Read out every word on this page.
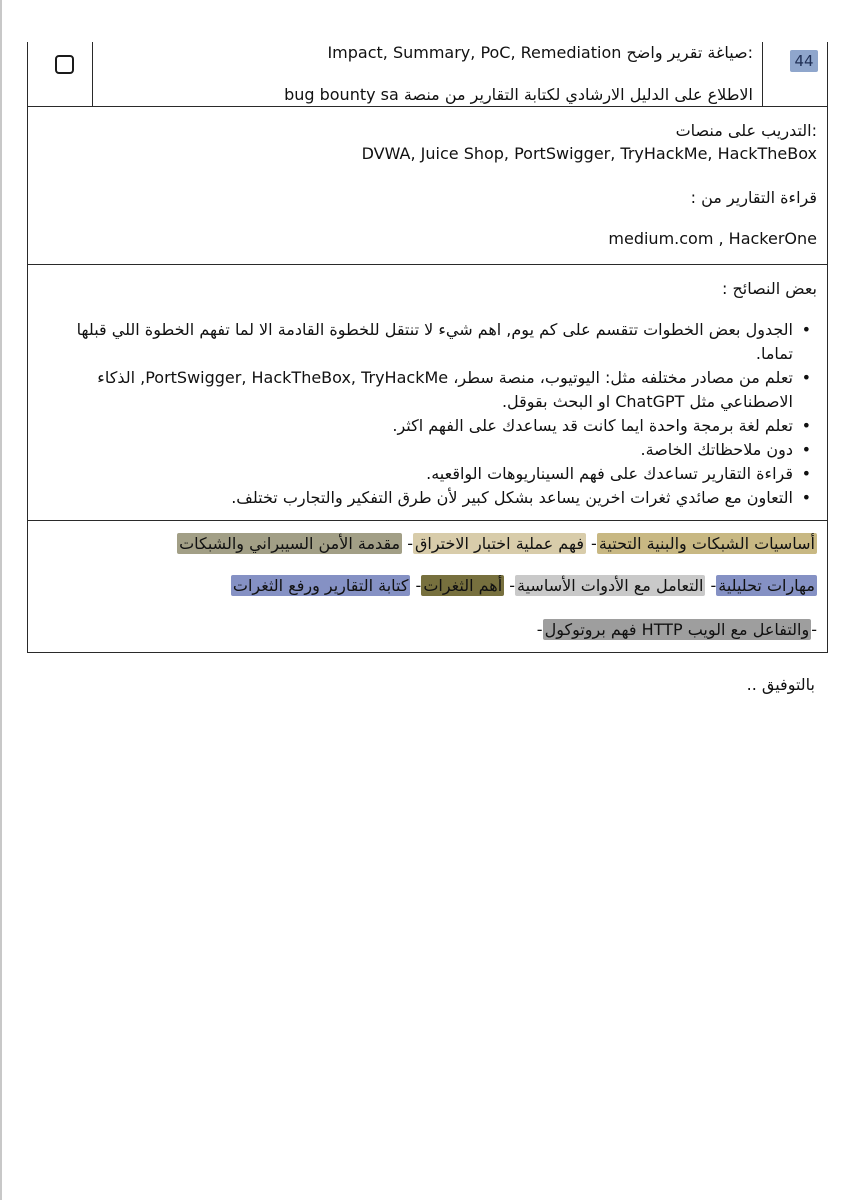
44
:صياغة تقرير واضح Impact, Summary, PoC, Remediation
الاطلاع على الدليل الارشادي لكتابة التقارير من منصة bug bounty sa
:التدريب على منصات
DVWA, Juice Shop, PortSwigger, TryHackMe, HackTheBox
قراءة التقارير من :
medium.com , HackerOne
بعض النصائح :
• الجدول بعض الخطوات تتقسم على كم يوم, اهم شيء لا تنتقل للخطوة القادمة الا لما تفهم الخطوة اللي قبلها تماما.
• تعلم من مصادر مختلفه مثل: اليوتيوب، منصة سطر، PortSwigger, HackTheBox, TryHackMe, الذكاء الاصطناعي مثل ChatGPT او البحث بقوقل.
• تعلم لغة برمجة واحدة ايما كانت قد يساعدك على الفهم اكثر.
• دون ملاحظاتك الخاصة.
• قراءة التقارير تساعدك على فهم السيناريوهات الواقعيه.
• التعاون مع صائدي ثغرات اخرين يساعد بشكل كبير لأن طرق التفكير والتجارب تختلف.
أساسيات الشبكات والبنية التحتية- فهم عملية اختبار الاختراق- مقدمة الأمن السيبراني والشبكات
مهارات تحليلية- التعامل مع الأدوات الأساسية- أهم الثغرات- كتابة التقارير ورفع الثغرات
-والتفاعل مع الويب HTTP فهم بروتوكول-
بالتوفيق ..
